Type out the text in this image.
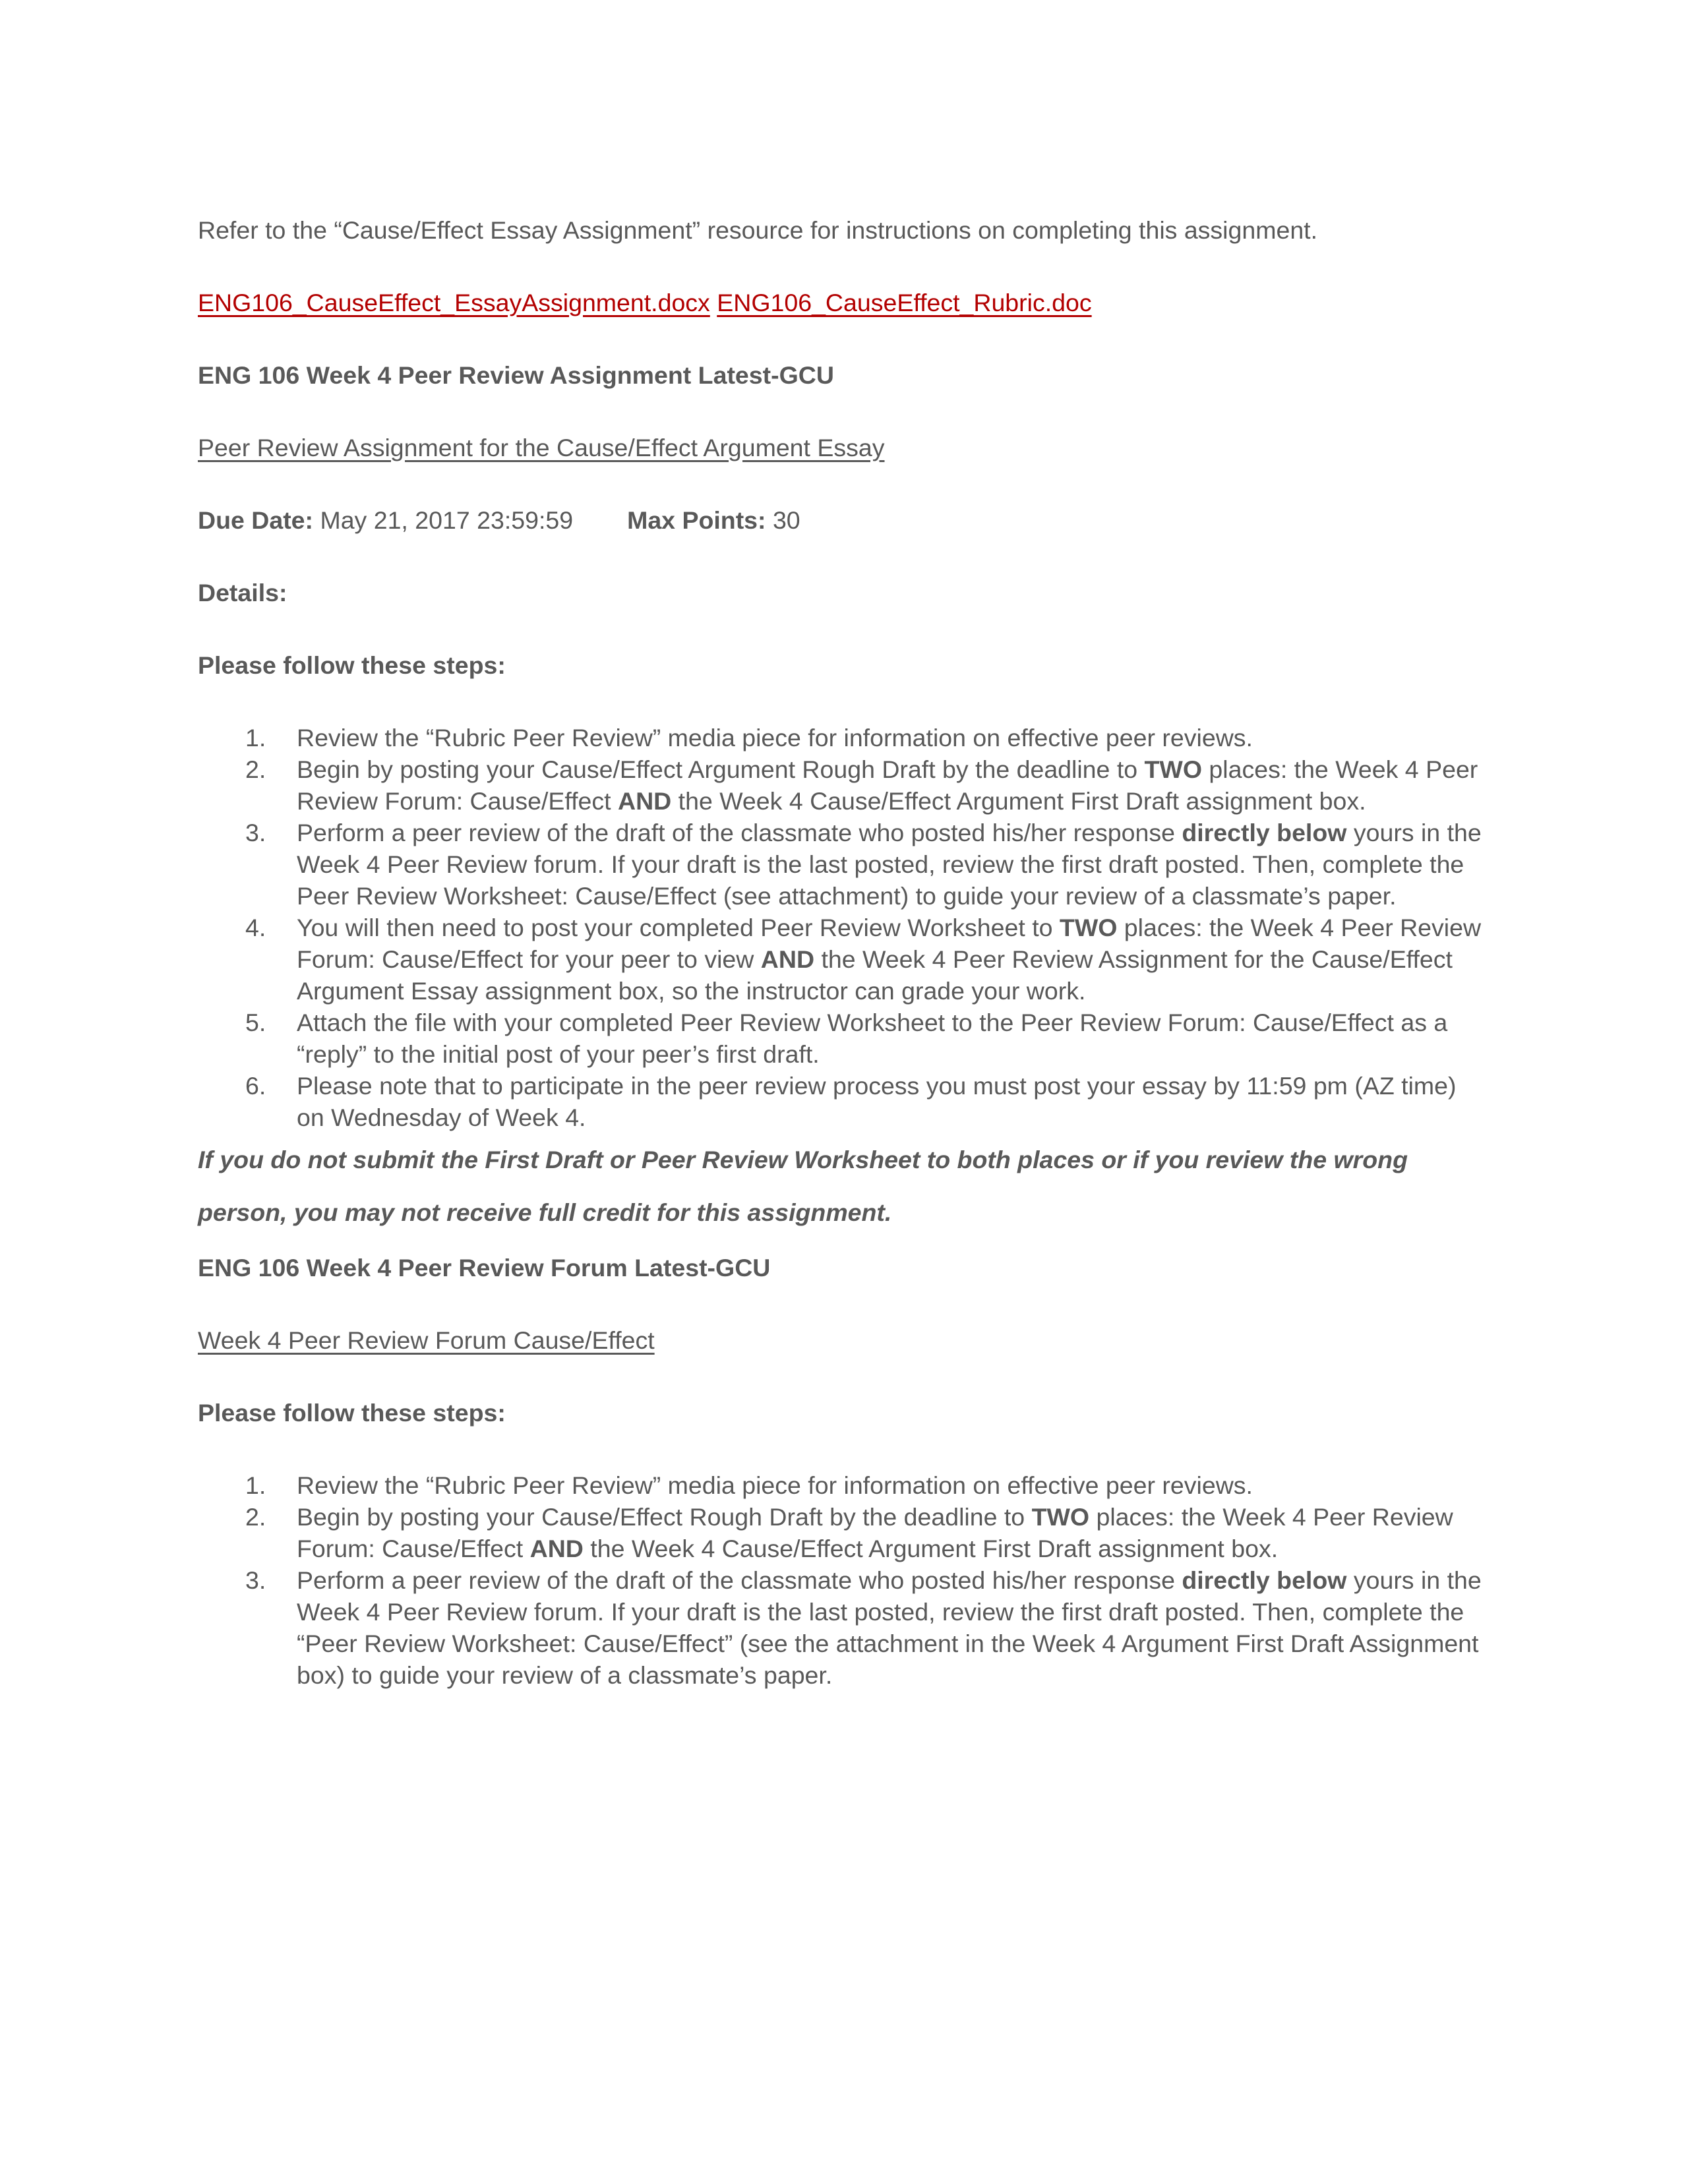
Refer to the “Cause/Effect Essay Assignment” resource for instructions on completing this assignment.

ENG106_CauseEffect_EssayAssignment.docx ENG106_CauseEffect_Rubric.doc

ENG 106 Week 4 Peer Review Assignment Latest-GCU

Peer Review Assignment for the Cause/Effect Argument Essay

Due Date: May 21, 2017 23:59:59 Max Points: 30

Details:

Please follow these steps:

1. Review the “Rubric Peer Review” media piece for information on effective peer reviews.
2. Begin by posting your Cause/Effect Argument Rough Draft by the deadline to TWO places: the Week 4 Peer Review Forum: Cause/Effect AND the Week 4 Cause/Effect Argument First Draft assignment box.
3. Perform a peer review of the draft of the classmate who posted his/her response directly below yours in the Week 4 Peer Review forum. If your draft is the last posted, review the first draft posted. Then, complete the Peer Review Worksheet: Cause/Effect (see attachment) to guide your review of a classmate’s paper.
4. You will then need to post your completed Peer Review Worksheet to TWO places: the Week 4 Peer Review Forum: Cause/Effect for your peer to view AND the Week 4 Peer Review Assignment for the Cause/Effect Argument Essay assignment box, so the instructor can grade your work.
5. Attach the file with your completed Peer Review Worksheet to the Peer Review Forum: Cause/Effect as a “reply” to the initial post of your peer’s first draft.
6. Please note that to participate in the peer review process you must post your essay by 11:59 pm (AZ time) on Wednesday of Week 4.

If you do not submit the First Draft or Peer Review Worksheet to both places or if you review the wrong person, you may not receive full credit for this assignment.

ENG 106 Week 4 Peer Review Forum Latest-GCU

Week 4 Peer Review Forum Cause/Effect

Please follow these steps:

1. Review the “Rubric Peer Review” media piece for information on effective peer reviews.
2. Begin by posting your Cause/Effect Rough Draft by the deadline to TWO places: the Week 4 Peer Review Forum: Cause/Effect AND the Week 4 Cause/Effect Argument First Draft assignment box.
3. Perform a peer review of the draft of the classmate who posted his/her response directly below yours in the Week 4 Peer Review forum. If your draft is the last posted, review the first draft posted. Then, complete the “Peer Review Worksheet: Cause/Effect” (see the attachment in the Week 4 Argument First Draft Assignment box) to guide your review of a classmate’s paper.
